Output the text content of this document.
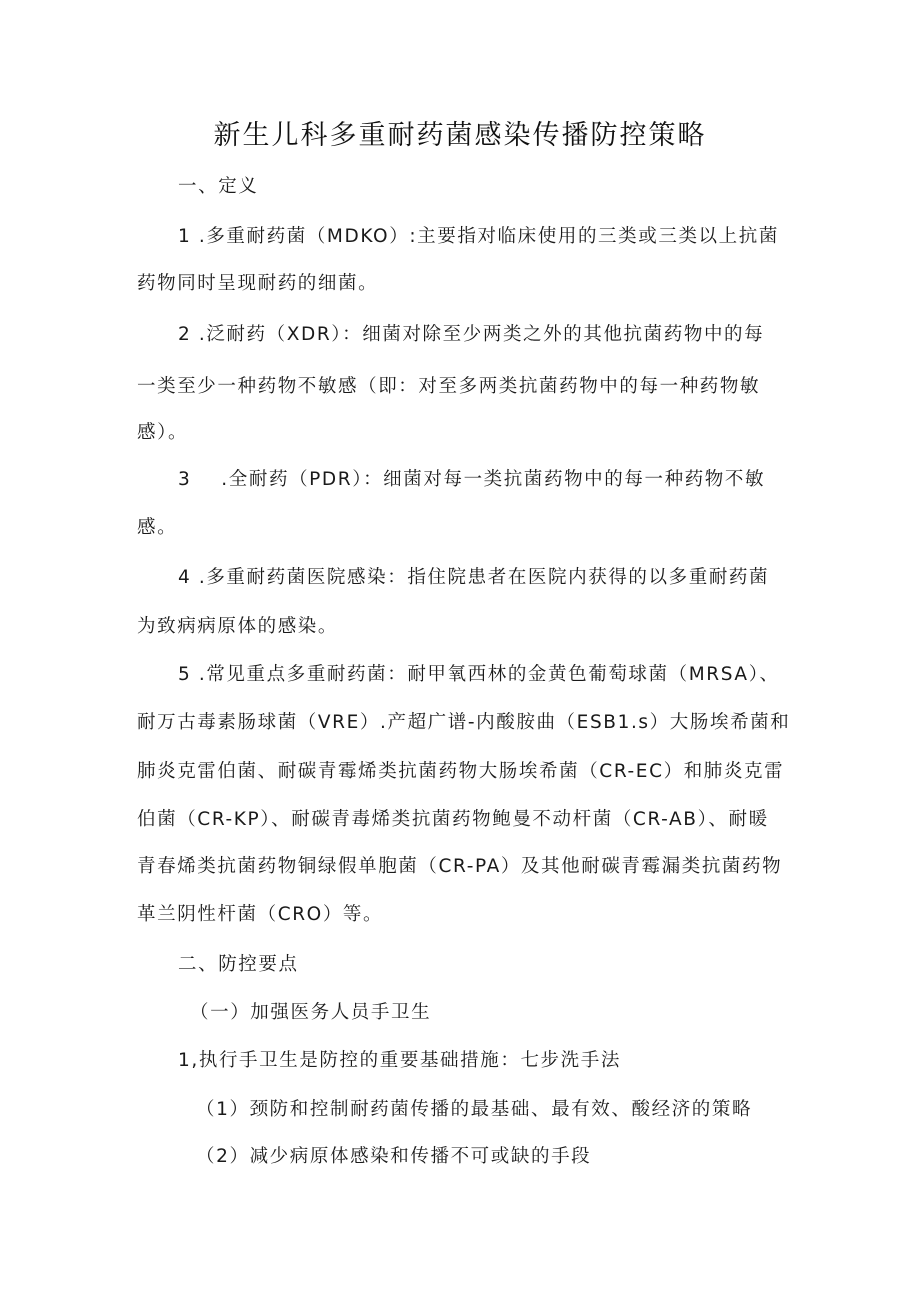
新生儿科多重耐药菌感染传播防控策略
一、定义
1 .多重耐药菌（MDKO）:主要指对临床使用的三类或三类以上抗菌
药物同时呈现耐药的细菌。
2 .泛耐药（XDR）：细菌对除至少两类之外的其他抗菌药物中的每
一类至少一种药物不敏感（即：对至多两类抗菌药物中的每一种药物敏
感）。
3    .全耐药（PDR）：细菌对每一类抗菌药物中的每一种药物不敏
感。
4 .多重耐药菌医院感染：指住院患者在医院内获得的以多重耐药菌
为致病病原体的感染。
5 .常见重点多重耐药菌：耐甲氧西林的金黄色葡萄球菌（MRSA）、
耐万古毒素肠球菌（VRE）.产超广谱-内酸胺曲（ESB1.s）大肠埃希菌和
肺炎克雷伯菌、耐碳青霉烯类抗菌药物大肠埃希菌（CR-EC）和肺炎克雷
伯菌（CR-KP）、耐碳青毒烯类抗菌药物鲍曼不动杆菌（CR-AB）、耐暖
青春烯类抗菌药物铜绿假单胞菌（CR-PA）及其他耐碳青霉漏类抗菌药物
革兰阴性杆菌（CRO）等。
二、防控要点
（一）加强医务人员手卫生
1,执行手卫生是防控的重要基础措施：七步洗手法
（1）颈防和控制耐药菌传播的最基础、最有效、酸经济的策略
（2）减少病原体感染和传播不可或缺的手段
